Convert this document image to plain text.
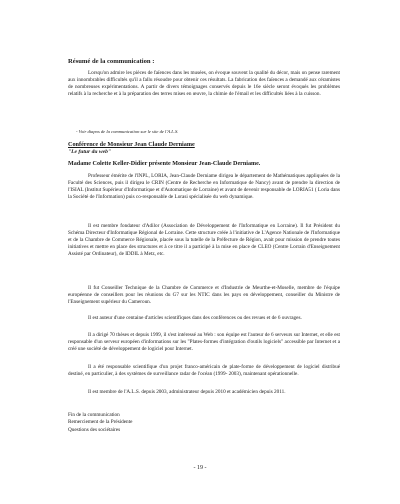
Résumé de la communication :
Lorsqu'on admire les pièces de faïences dans les musées, on évoque souvent la qualité du décor, mais on pense rarement aux innombrables difficultés qu'il a fallu résoudre pour obtenir ces résultats. La fabrication des faïences a demandé aux céramistes de nombreuses expérimentations. A partir de divers témoignages conservés depuis le 16e siècle seront évoqués les problèmes relatifs à la recherche et à la préparation des terres mises en œuvre, la chimie de l'émail et les difficultés liées à la cuisson.
- Voir diapos de la communication sur le site de l'A.L.S.
Conférence de Monsieur Jean Claude Derniame
"Le futur du web"
Madame Colette Keller-Didier présente Monsieur Jean-Claude Derniame.
Professeur émérite de l'INPL, LORIA, Jean-Claude Derniame dirigea le département de Mathématiques appliquées de la Faculté des Sciences, puis il dirigea le CRIN (Centre de Recherche en Informatique de Nancy) avant de prendre la direction de l'ISIAL (Institut Supérieur d'Informatique et d'Automatique de Lorraine) et avant de devenir responsable de LORIA51 ( Loria dans la Société de l'Information) puis co-responsable de Lorasi spécialisée du web dynamique.
Il est membre fondateur d'Adilor (Association de Développement de l'Informatique en Lorraine). Il fut Président du Schéma Directeur d'Informatique Régional de Lorraine. Cette structure créée à l'initiative de L'Agence Nationale de l'Informatique et de la Chambre de Commerce Régionale, placée sous la tutelle de la Préfecture de Région, avait pour mission de prendre toutes initiatives et mettre en place des structures et à ce titre il a participé à la mise en place de CLEO (Centre Lorrain d'Enseignement Assisté par Ordinateur), de IDDIL à Metz, etc.
Il fut Conseiller Technique de la Chambre de Commerce et d'Industrie de Meurthe-et-Moselle, membre de l'équipe européenne de conseillers pour les réunions du G7 sur les NTIC dans les pays en développement, conseiller du Ministre de l'Enseignement supérieur du Cameroun.
Il est auteur d'une centaine d'articles scientifiques dans des conférences ou des revues et de 6 ouvrages.
Il a dirigé 70 thèses et depuis 1999, il s'est intéressé au Web : son équipe est l'auteur de 6 serveurs sur Internet, et elle est responsable d'un serveur européen d'informations sur les "Plates-formes d'intégration d'outils logiciels" accessible par Internet et a créé une société de développement de logiciel pour Internet.
Il a été responsable scientifique d'un projet franco-américain de plate-forme de développement de logiciel distribué destiné, en particulier, à des systèmes de surveillance radar de l'océan (1999- 2003), maintenant opérationnelle.
Il est membre de l'A.L.S. depuis 2003, administrateur depuis 2010 et académicien depuis 2011.
Fin de la communication
Remerciement de la Présidente
Questions des sociétaires
- 19 -
